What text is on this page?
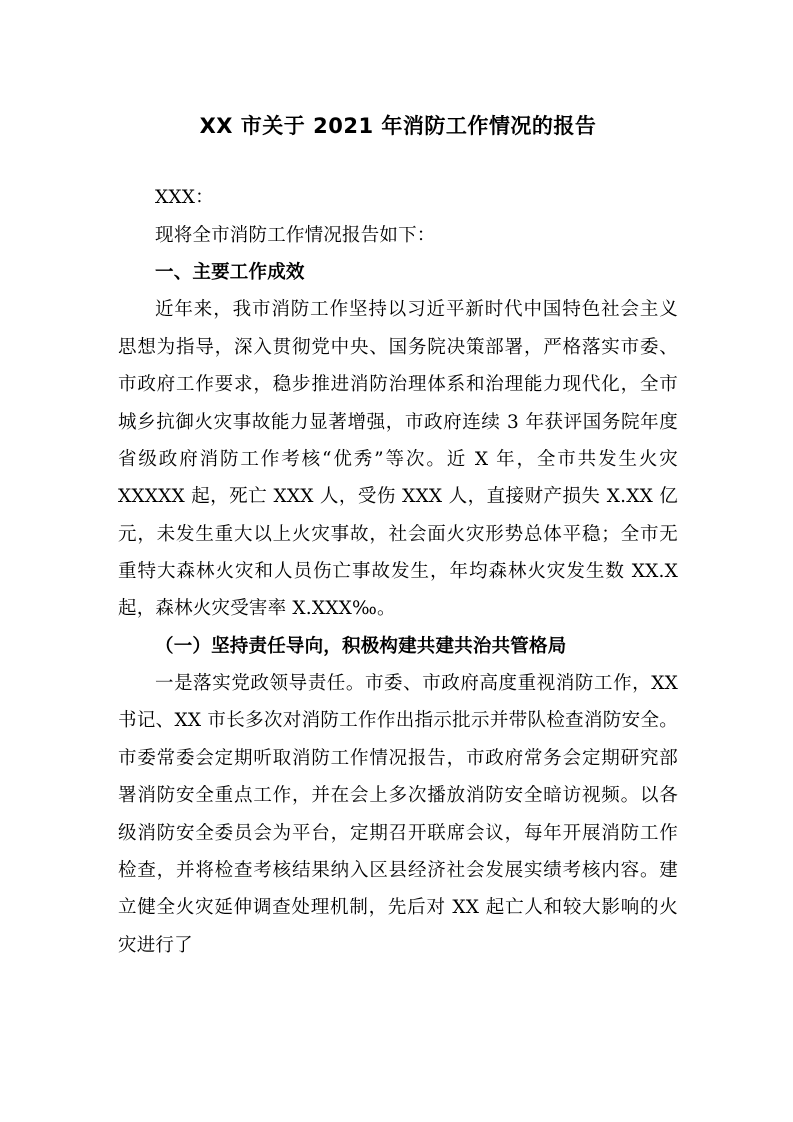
XX 市关于 2021 年消防工作情况的报告

XXX：

现将全市消防工作情况报告如下：

一、主要工作成效

近年来，我市消防工作坚持以习近平新时代中国特色社会主义思想为指导，深入贯彻党中央、国务院决策部署，严格落实市委、市政府工作要求，稳步推进消防治理体系和治理能力现代化，全市城乡抗御火灾事故能力显著增强，市政府连续 3 年获评国务院年度省级政府消防工作考核“优秀”等次。近 X 年，全市共发生火灾 XXXXX 起，死亡 XXX 人，受伤 XXX 人，直接财产损失 X.XX 亿元，未发生重大以上火灾事故，社会面火灾形势总体平稳；全市无重特大森林火灾和人员伤亡事故发生，年均森林火灾发生数 XX.X 起，森林火灾受害率 X.XXX‰。

（一）坚持责任导向，积极构建共建共治共管格局

一是落实党政领导责任。市委、市政府高度重视消防工作，XX 书记、XX 市长多次对消防工作作出指示批示并带队检查消防安全。市委常委会定期听取消防工作情况报告，市政府常务会定期研究部署消防安全重点工作，并在会上多次播放消防安全暗访视频。以各级消防安全委员会为平台，定期召开联席会议，每年开展消防工作检查，并将检查考核结果纳入区县经济社会发展实绩考核内容。建立健全火灾延伸调查处理机制，先后对 XX 起亡人和较大影响的火灾进行了
